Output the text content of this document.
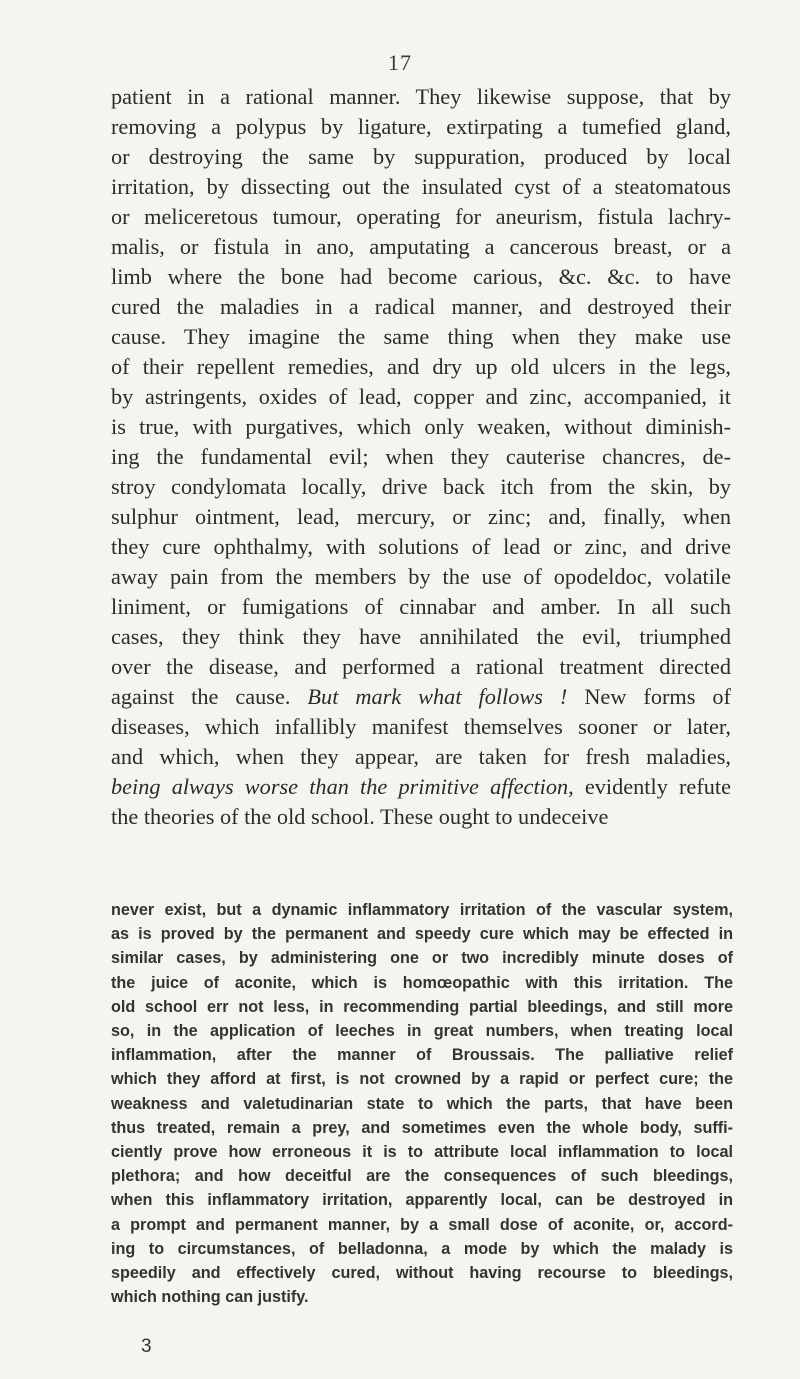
17

patient in a rational manner. They likewise suppose, that by
removing a polypus by ligature, extirpating a tumefied gland,
or destroying the same by suppuration, produced by local
irritation, by dissecting out the insulated cyst of a steatomatous
or meliceretous tumour, operating for aneurism, fistula lachry-
malis, or fistula in ano, amputating a cancerous breast, or a
limb where the bone had become carious, &c. &c. to have
cured the maladies in a radical manner, and destroyed their
cause. They imagine the same thing when they make use
of their repellent remedies, and dry up old ulcers in the legs,
by astringents, oxides of lead, copper and zinc, accompanied, it
is true, with purgatives, which only weaken, without diminish-
ing the fundamental evil; when they cauterise chancres, de-
stroy condylomata locally, drive back itch from the skin, by
sulphur ointment, lead, mercury, or zinc; and, finally, when
they cure ophthalmy, with solutions of lead or zinc, and drive
away pain from the members by the use of opodeldoc, volatile
liniment, or fumigations of cinnabar and amber. In all such
cases, they think they have annihilated the evil, triumphed
over the disease, and performed a rational treatment directed
against the cause. But mark what follows ! New forms of
diseases, which infallibly manifest themselves sooner or later,
and which, when they appear, are taken for fresh maladies,
being always worse than the primitive affection, evidently refute
the theories of the old school. These ought to undeceive

never exist, but a dynamic inflammatory irritation of the vascular system,
as is proved by the permanent and speedy cure which may be effected in
similar cases, by administering one or two incredibly minute doses of
the juice of aconite, which is homœopathic with this irritation. The
old school err not less, in recommending partial bleedings, and still more
so, in the application of leeches in great numbers, when treating local
inflammation, after the manner of Broussais. The palliative relief
which they afford at first, is not crowned by a rapid or perfect cure; the
weakness and valetudinarian state to which the parts, that have been
thus treated, remain a prey, and sometimes even the whole body, suffi-
ciently prove how erroneous it is to attribute local inflammation to local
plethora; and how deceitful are the consequences of such bleedings,
when this inflammatory irritation, apparently local, can be destroyed in
a prompt and permanent manner, by a small dose of aconite, or, accord-
ing to circumstances, of belladonna, a mode by which the malady is
speedily and effectively cured, without having recourse to bleedings,
which nothing can justify.

3
